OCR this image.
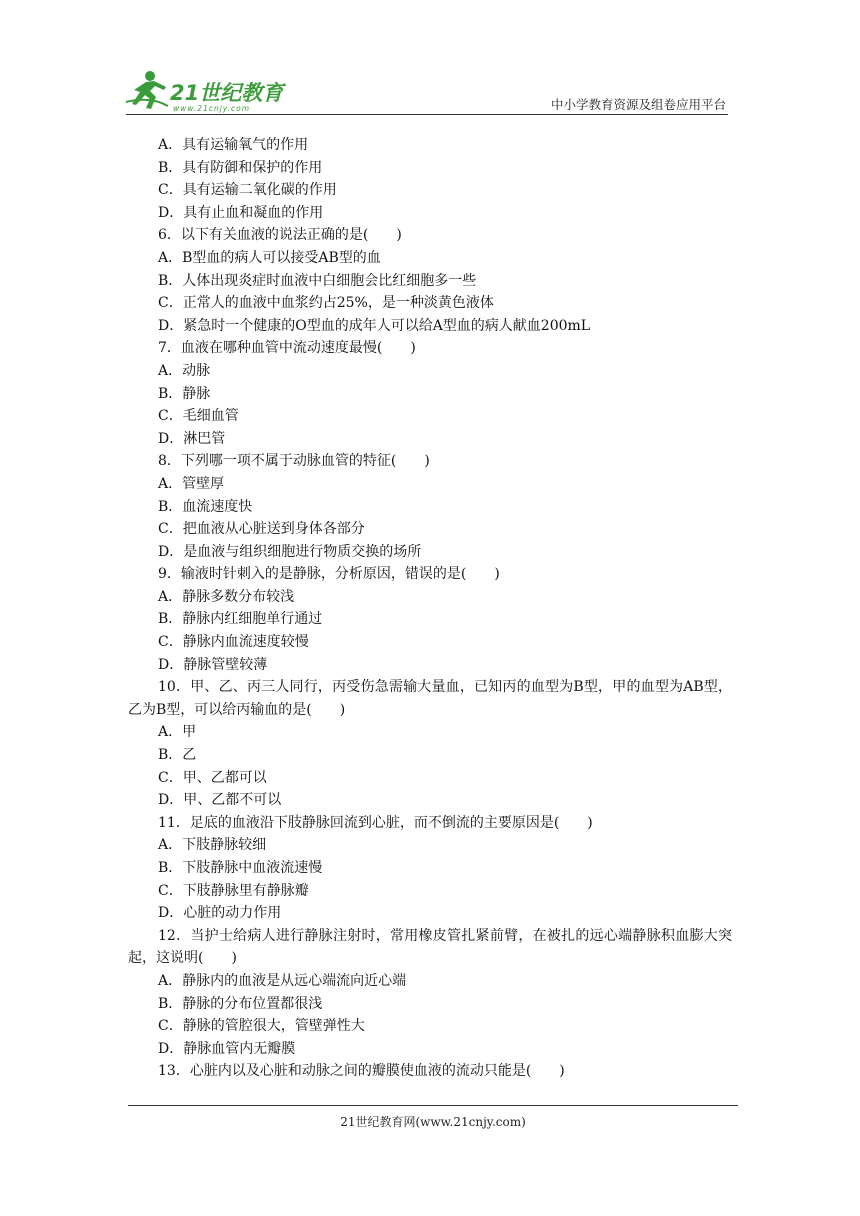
21世纪教育
www.21cnjy.com	中小学教育资源及组卷应用平台
A．具有运输氧气的作用
B．具有防御和保护的作用
C．具有运输二氧化碳的作用
D．具有止血和凝血的作用
6．以下有关血液的说法正确的是(　　)
A．B型血的病人可以接受AB型的血
B．人体出现炎症时血液中白细胞会比红细胞多一些
C．正常人的血液中血浆约占25%，是一种淡黄色液体
D．紧急时一个健康的O型血的成年人可以给A型血的病人献血200mL
7．血液在哪种血管中流动速度最慢(　　)
A．动脉
B．静脉
C．毛细血管
D．淋巴管
8．下列哪一项不属于动脉血管的特征(　　)
A．管壁厚
B．血流速度快
C．把血液从心脏送到身体各部分
D．是血液与组织细胞进行物质交换的场所
9．输液时针刺入的是静脉，分析原因，错误的是(　　)
A．静脉多数分布较浅
B．静脉内红细胞单行通过
C．静脉内血流速度较慢
D．静脉管壁较薄
10．甲、乙、丙三人同行，丙受伤急需输大量血，已知丙的血型为B型，甲的血型为AB型，乙为B型，可以给丙输血的是(　　)
A．甲
B．乙
C．甲、乙都可以
D．甲、乙都不可以
11．足底的血液沿下肢静脉回流到心脏，而不倒流的主要原因是(　　)
A．下肢静脉较细
B．下肢静脉中血液流速慢
C．下肢静脉里有静脉瓣
D．心脏的动力作用
12．当护士给病人进行静脉注射时，常用橡皮管扎紧前臂，在被扎的远心端静脉积血膨大突起，这说明(　　)
A．静脉内的血液是从远心端流向近心端
B．静脉的分布位置都很浅
C．静脉的管腔很大，管壁弹性大
D．静脉血管内无瓣膜
13．心脏内以及心脏和动脉之间的瓣膜使血液的流动只能是(　　)
21世纪教育网(www.21cnjy.com)
